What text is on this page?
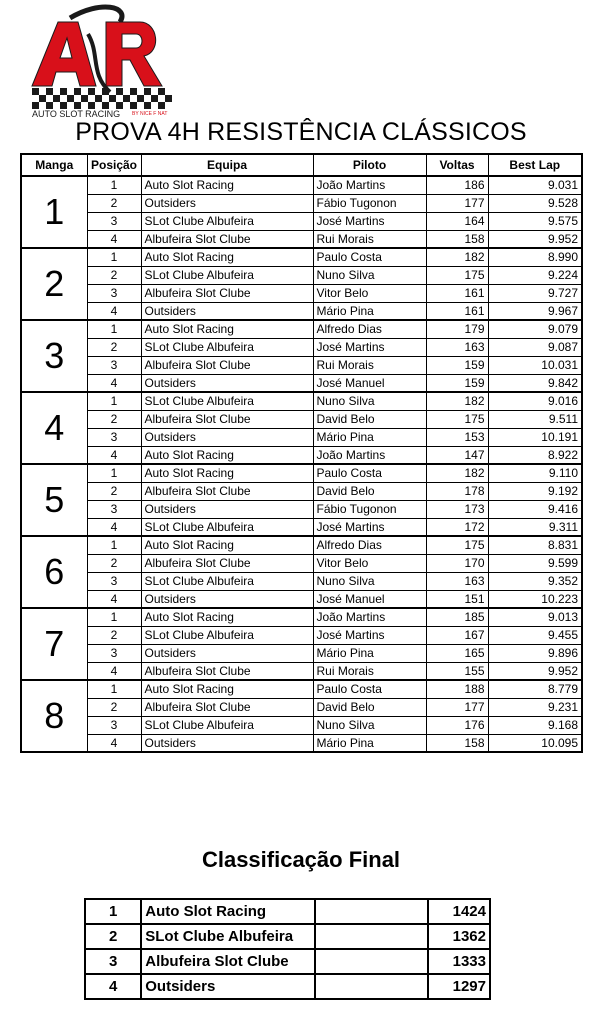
AUTO SLOT RACING BY NICE F NAT
PROVA 4H RESISTÊNCIA CLÁSSICOS
Manga	Posição	Equipa	Piloto	Voltas	Best Lap
1	1	Auto Slot Racing	João Martins	186	9.031
	2	Outsiders	Fábio Tugonon	177	9.528
	3	SLot Clube Albufeira	José Martins	164	9.575
	4	Albufeira Slot Clube	Rui Morais	158	9.952
2	1	Auto Slot Racing	Paulo Costa	182	8.990
	2	SLot Clube Albufeira	Nuno Silva	175	9.224
	3	Albufeira Slot Clube	Vitor Belo	161	9.727
	4	Outsiders	Mário Pina	161	9.967
3	1	Auto Slot Racing	Alfredo Dias	179	9.079
	2	SLot Clube Albufeira	José Martins	163	9.087
	3	Albufeira Slot Clube	Rui Morais	159	10.031
	4	Outsiders	José Manuel	159	9.842
4	1	SLot Clube Albufeira	Nuno Silva	182	9.016
	2	Albufeira Slot Clube	David Belo	175	9.511
	3	Outsiders	Mário Pina	153	10.191
	4	Auto Slot Racing	João Martins	147	8.922
5	1	Auto Slot Racing	Paulo Costa	182	9.110
	2	Albufeira Slot Clube	David Belo	178	9.192
	3	Outsiders	Fábio Tugonon	173	9.416
	4	SLot Clube Albufeira	José Martins	172	9.311
6	1	Auto Slot Racing	Alfredo Dias	175	8.831
	2	Albufeira Slot Clube	Vitor Belo	170	9.599
	3	SLot Clube Albufeira	Nuno Silva	163	9.352
	4	Outsiders	José Manuel	151	10.223
7	1	Auto Slot Racing	João Martins	185	9.013
	2	SLot Clube Albufeira	José Martins	167	9.455
	3	Outsiders	Mário Pina	165	9.896
	4	Albufeira Slot Clube	Rui Morais	155	9.952
8	1	Auto Slot Racing	Paulo Costa	188	8.779
	2	Albufeira Slot Clube	David Belo	177	9.231
	3	SLot Clube Albufeira	Nuno Silva	176	9.168
	4	Outsiders	Mário Pina	158	10.095
Classificação Final
1	Auto Slot Racing		1424
2	SLot Clube Albufeira		1362
3	Albufeira Slot Clube		1333
4	Outsiders		1297
